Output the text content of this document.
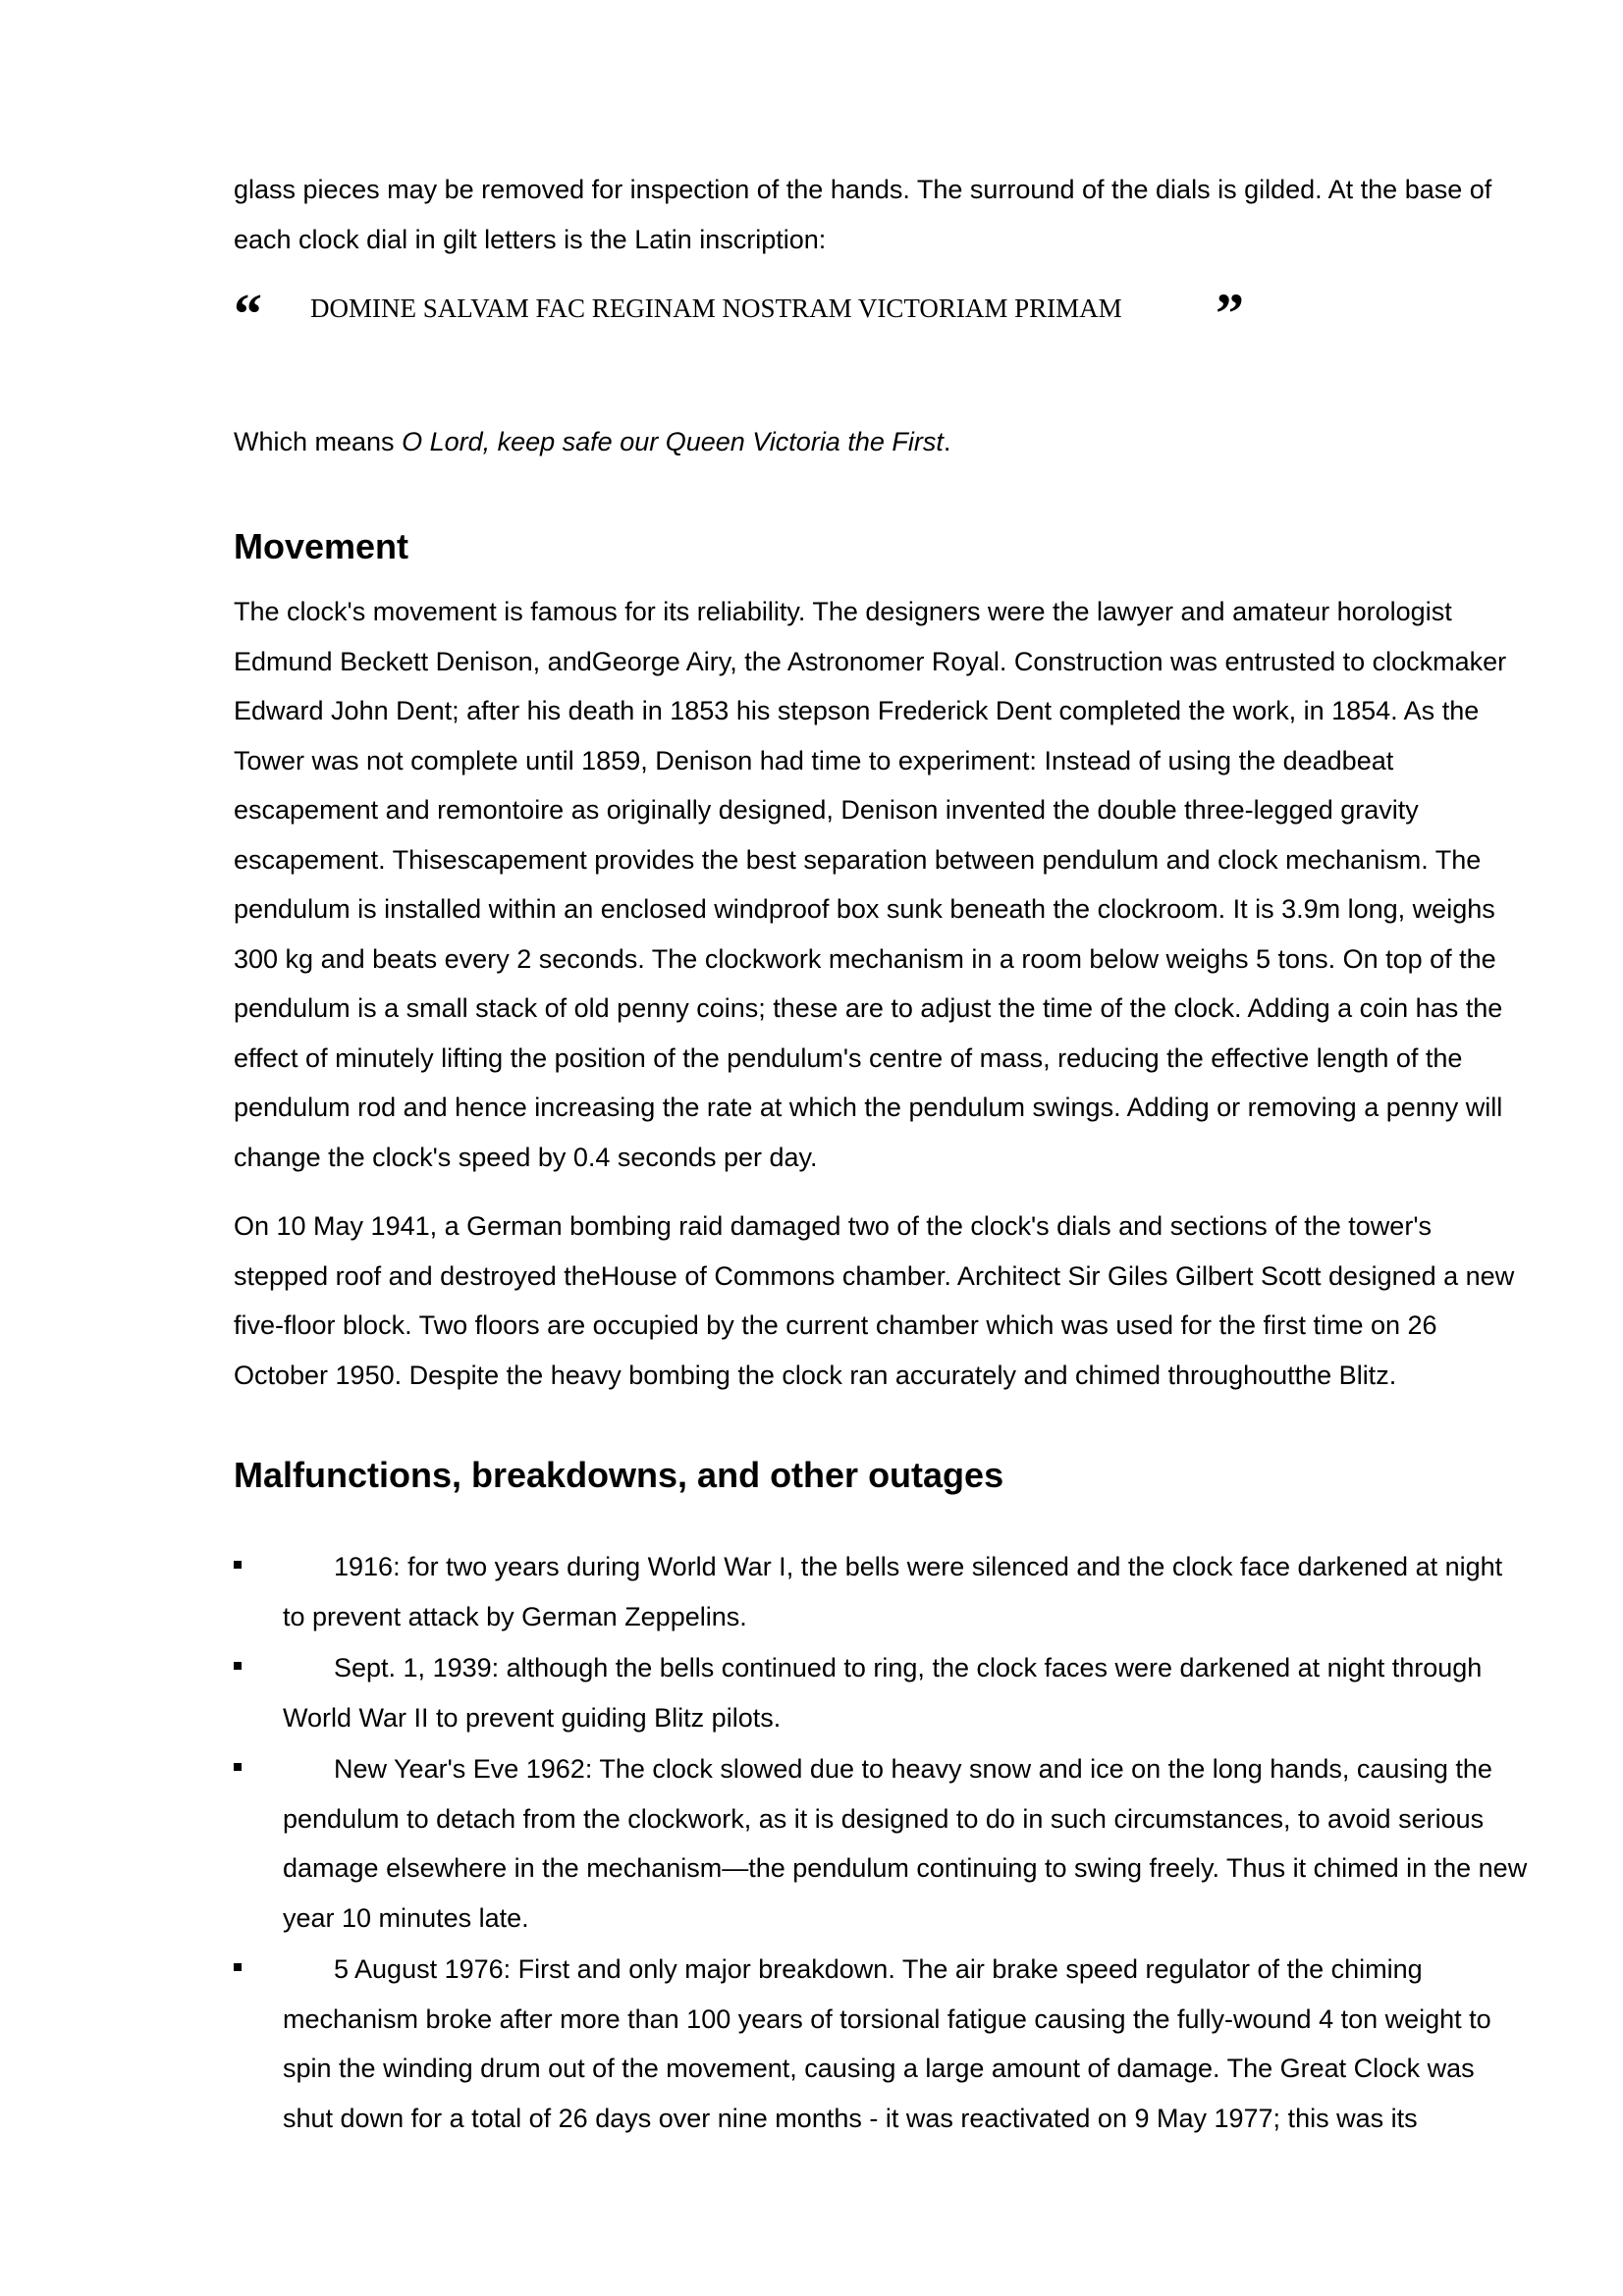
glass pieces may be removed for inspection of the hands. The surround of the dials is gilded. At the base of each clock dial in gilt letters is the Latin inscription:

“ DOMINE SALVAM FAC REGINAM NOSTRAM VICTORIAM PRIMAM ”

Which means O Lord, keep safe our Queen Victoria the First.

Movement

The clock's movement is famous for its reliability. The designers were the lawyer and amateur horologist Edmund Beckett Denison, andGeorge Airy, the Astronomer Royal. Construction was entrusted to clockmaker Edward John Dent; after his death in 1853 his stepson Frederick Dent completed the work, in 1854. As the Tower was not complete until 1859, Denison had time to experiment: Instead of using the deadbeat escapement and remontoire as originally designed, Denison invented the double three-legged gravity escapement. Thisescapement provides the best separation between pendulum and clock mechanism. The pendulum is installed within an enclosed windproof box sunk beneath the clockroom. It is 3.9m long, weighs 300 kg and beats every 2 seconds. The clockwork mechanism in a room below weighs 5 tons. On top of the pendulum is a small stack of old penny coins; these are to adjust the time of the clock. Adding a coin has the effect of minutely lifting the position of the pendulum's centre of mass, reducing the effective length of the pendulum rod and hence increasing the rate at which the pendulum swings. Adding or removing a penny will change the clock's speed by 0.4 seconds per day.

On 10 May 1941, a German bombing raid damaged two of the clock's dials and sections of the tower's stepped roof and destroyed theHouse of Commons chamber. Architect Sir Giles Gilbert Scott designed a new five-floor block. Two floors are occupied by the current chamber which was used for the first time on 26 October 1950. Despite the heavy bombing the clock ran accurately and chimed throughoutthe Blitz.

Malfunctions, breakdowns, and other outages
1916: for two years during World War I, the bells were silenced and the clock face darkened at night to prevent attack by German Zeppelins.
Sept. 1, 1939: although the bells continued to ring, the clock faces were darkened at night through World War II to prevent guiding Blitz pilots.
New Year's Eve 1962: The clock slowed due to heavy snow and ice on the long hands, causing the pendulum to detach from the clockwork, as it is designed to do in such circumstances, to avoid serious damage elsewhere in the mechanism—the pendulum continuing to swing freely. Thus it chimed in the new year 10 minutes late.
5 August 1976: First and only major breakdown. The air brake speed regulator of the chiming mechanism broke after more than 100 years of torsional fatigue causing the fully-wound 4 ton weight to spin the winding drum out of the movement, causing a large amount of damage. The Great Clock was shut down for a total of 26 days over nine months - it was reactivated on 9 May 1977; this was its
